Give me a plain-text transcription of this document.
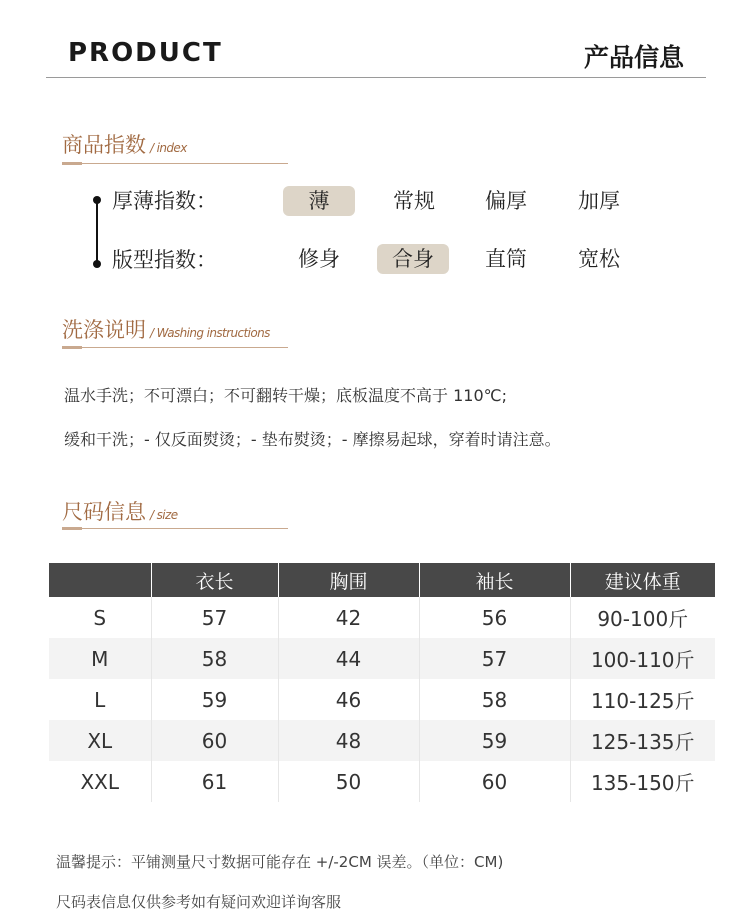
PRODUCT	产品信息
商品指数 / index
厚薄指数：	薄	常规	偏厚	加厚
版型指数：	修身	合身	直筒	宽松
洗涤说明 / Washing instructions
温水手洗；不可漂白；不可翻转干燥；底板温度不高于 110℃;
缓和干洗；- 仅反面熨烫；- 垫布熨烫；- 摩擦易起球，穿着时请注意。
尺码信息 / size
	衣长	胸围	袖长	建议体重
S	57	42	56	90-100斤
M	58	44	57	100-110斤
L	59	46	58	110-125斤
XL	60	48	59	125-135斤
XXL	61	50	60	135-150斤
温馨提示：平铺测量尺寸数据可能存在 +/-2CM 误差。（单位：CM)
尺码表信息仅供参考如有疑问欢迎详询客服
